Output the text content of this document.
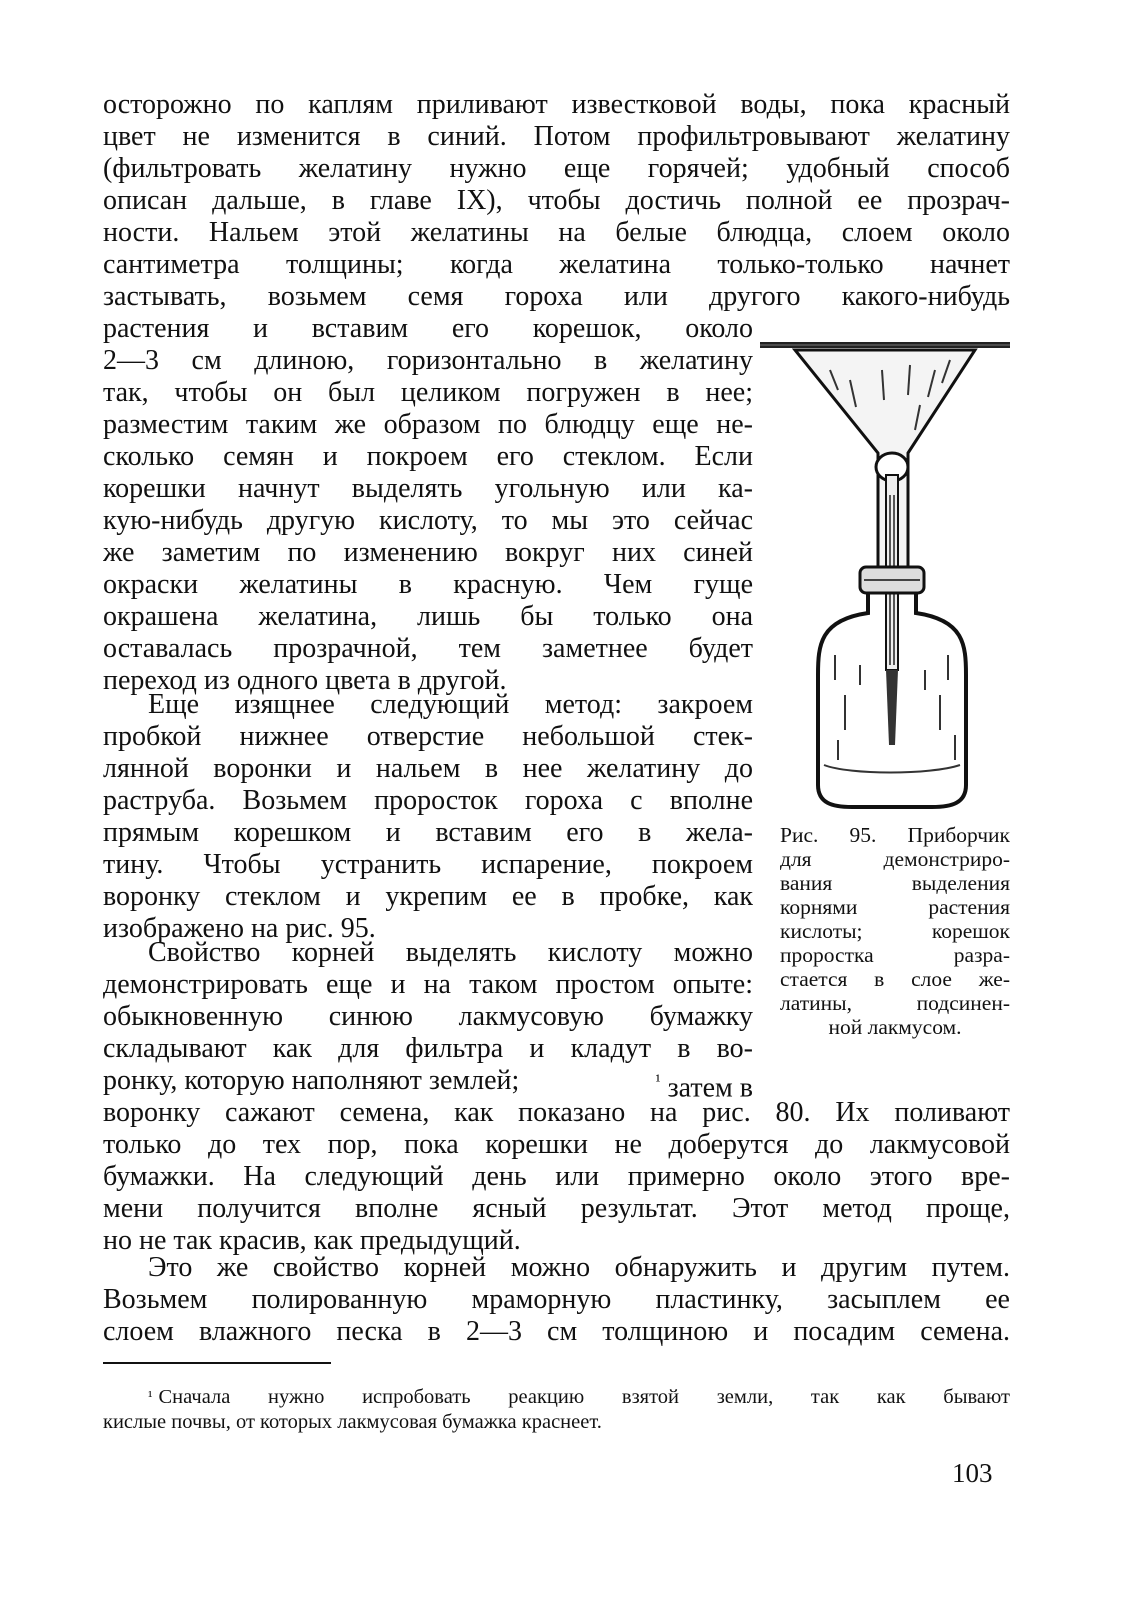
осторожно по каплям приливают известковой воды, пока красный
цвет не изменится в синий. Потом профильтровывают желатину
(фильтровать желатину нужно еще горячей; удобный способ
описан дальше, в главе IX), чтобы достичь полной ее прозрач-
ности. Нальем этой желатины на белые блюдца, слоем около
сантиметра толщины; когда желатина только-только начнет
застывать, возьмем семя гороха или другого какого-нибудь
растения и вставим его корешок, около
2—3 см длиною, горизонтально в желатину
так, чтобы он был целиком погружен в нее;
разместим таким же образом по блюдцу еще не-
сколько семян и покроем его стеклом. Если
корешки начнут выделять угольную или ка-
кую-нибудь другую кислоту, то мы это сейчас
же заметим по изменению вокруг них синей
окраски желатины в красную. Чем гуще
окрашена желатина, лишь бы только она
оставалась прозрачной, тем заметнее будет
переход из одного цвета в другой.
Еще изящнее следующий метод: закроем
пробкой нижнее отверстие небольшой стек-
лянной воронки и нальем в нее желатину до
раструба. Возьмем проросток гороха с вполне
прямым корешком и вставим его в жела-
тину. Чтобы устранить испарение, покроем
воронку стеклом и укрепим ее в пробке, как
изображено на рис. 95.
Свойство корней выделять кислоту можно
демонстрировать еще и на таком простом опыте:
обыкновенную синюю лакмусовую бумажку
складывают как для фильтра и кладут в во-
ронку, которую наполняют землей;	$^{^1}$ затем в
воронку сажают семена, как показано на рис. 80. Их поливают
только до тех пор, пока корешки не доберутся до лакмусовой
бумажки. На следующий день или примерно около этого вре-
мени получится вполне ясный результат. Этот метод проще,
но не так красив, как предыдущий.
Это же свойство корней можно обнаружить и другим путем.
Возьмем полированную мраморную пластинку, засыплем ее
слоем влажного песка в 2—3 см толщиною и посадим семена.
¹ Сначала нужно испробовать реакцию взятой земли, так как бывают
кислые почвы, от которых лакмусовая бумажка краснеет.
Рис. 95. Приборчик
для демонстриро-
вания выделения
корнями растения
кислоты; корешок
проростка разра-
стается в слое же-
латины, подсинен-
ной лакмусом.
103
